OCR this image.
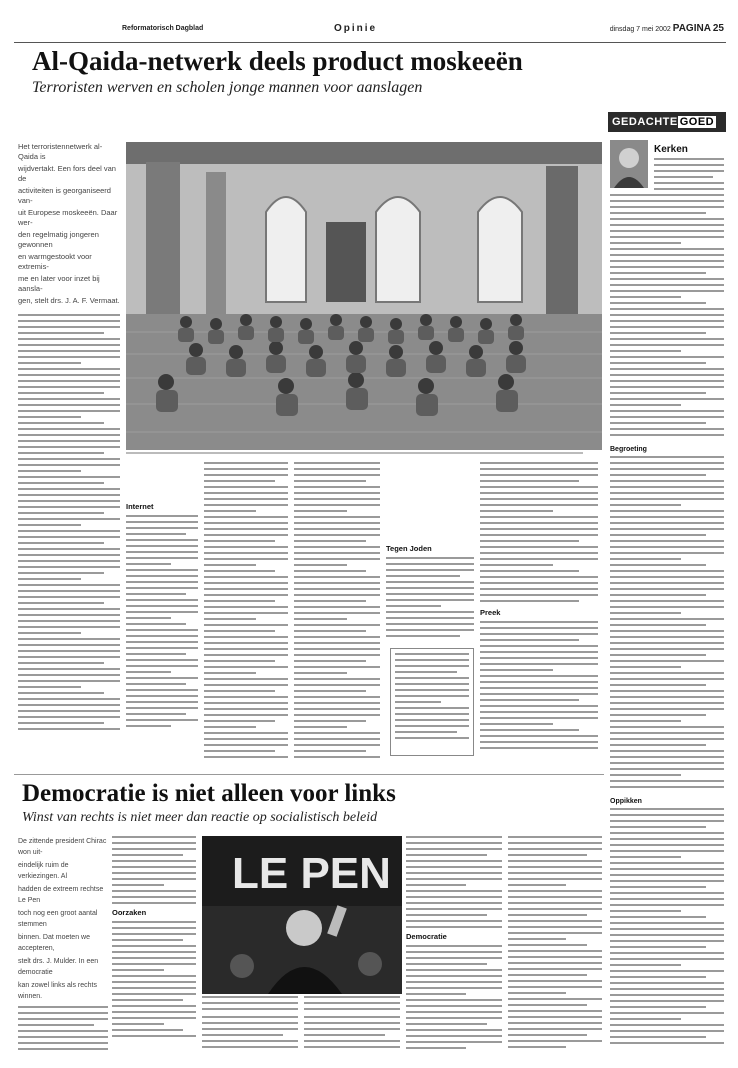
Reformatorisch Dagblad	Opinie	dinsdag 7 mei 2002 PAGINA 25
Al-Qaida-netwerk deels product moskeeën
Terroristen werven en scholen jonge mannen voor aanslagen

Het terroristennetwerk al-Qaida is

wijdvertakt. Een fors deel van de

activiteiten is georganiseerd van-

uit Europese moskeeën. Daar wer-

den regelmatig jongeren gewonnen

en warmgestookt voor extremis-

me en later voor inzet bij aansla-

gen, stelt drs. J. A. F. Vermaat.

Internet
Tegen Joden
Preek
GEDACHTE GOED
Kerken
Begroeting
Oppikken
Democratie is niet alleen voor links
Winst van rechts is niet meer dan reactie op socialistisch beleid

De zittende president Chirac won uit-

eindelijk ruim de verkiezingen. Al

hadden de extreem rechtse Le Pen

toch nog een groot aantal stemmen

binnen. Dat moeten we accepteren,

stelt drs. J. Mulder. In een democratie

kan zowel links als rechts winnen.

Oorzaken
LE PEN
Democratie
